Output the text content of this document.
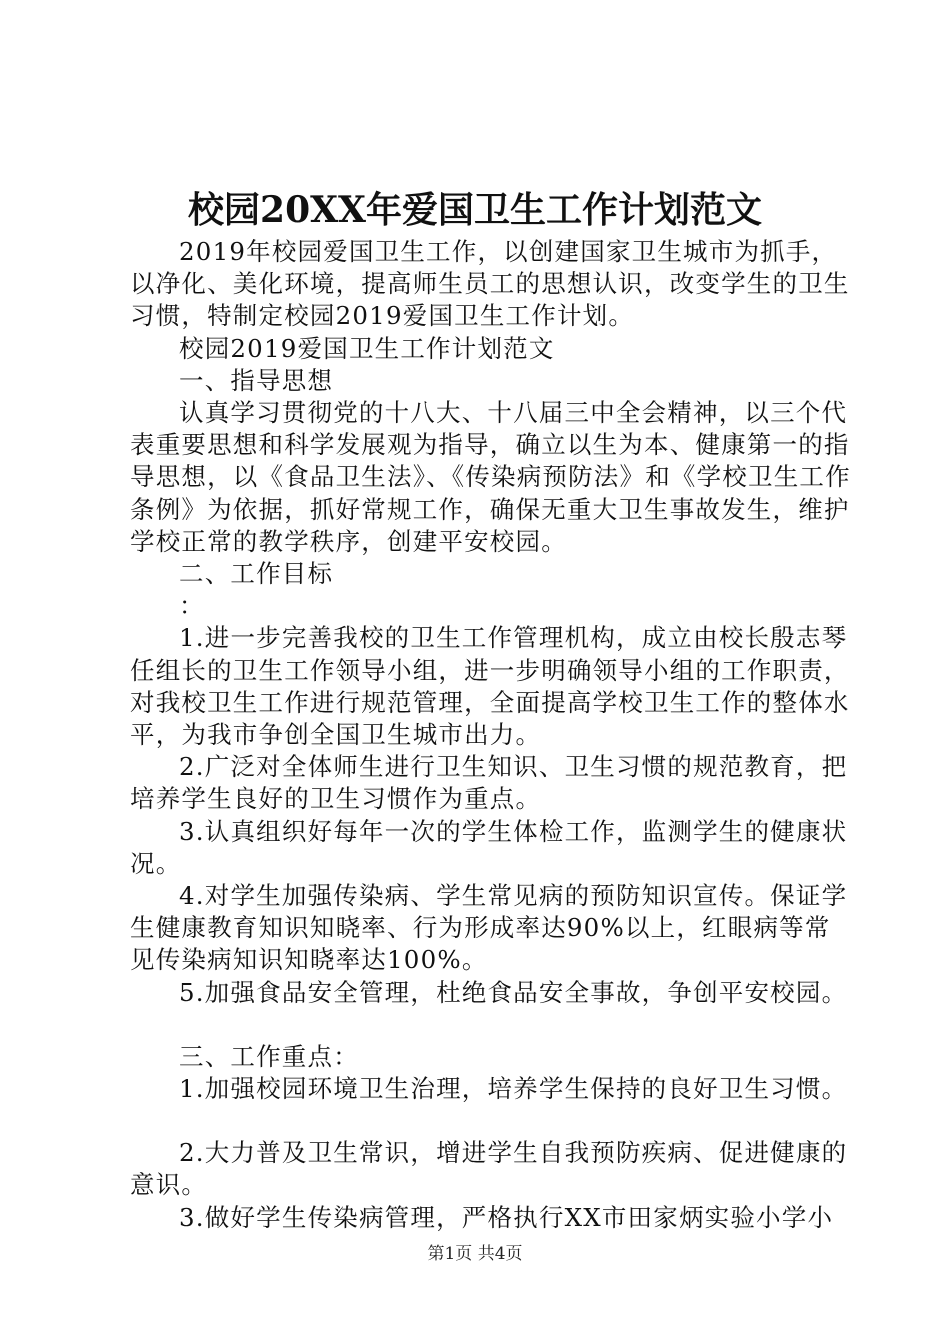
校园20XX年爱国卫生工作计划范文

2019年校园爱国卫生工作，以创建国家卫生城市为抓手，以净化、美化环境，提高师生员工的思想认识，改变学生的卫生习惯，特制定校园2019爱国卫生工作计划。

校园2019爱国卫生工作计划范文

一、指导思想

认真学习贯彻党的十八大、十八届三中全会精神，以三个代表重要思想和科学发展观为指导，确立以生为本、健康第一的指导思想，以《食品卫生法》、《传染病预防法》和《学校卫生工作条例》为依据，抓好常规工作，确保无重大卫生事故发生，维护学校正常的教学秩序，创建平安校园。

二、工作目标

：

1.进一步完善我校的卫生工作管理机构，成立由校长殷志琴任组长的卫生工作领导小组，进一步明确领导小组的工作职责，对我校卫生工作进行规范管理，全面提高学校卫生工作的整体水平，为我市争创全国卫生城市出力。

2.广泛对全体师生进行卫生知识、卫生习惯的规范教育，把培养学生良好的卫生习惯作为重点。

3.认真组织好每年一次的学生体检工作，监测学生的健康状况。

4.对学生加强传染病、学生常见病的预防知识宣传。保证学生健康教育知识知晓率、行为形成率达90%以上，红眼病等常见传染病知识知晓率达100%。

5.加强食品安全管理，杜绝食品安全事故，争创平安校园。

三、工作重点：

1.加强校园环境卫生治理，培养学生保持的良好卫生习惯。

2.大力普及卫生常识，增进学生自我预防疾病、促进健康的意识。

3.做好学生传染病管理，严格执行XX市田家炳实验小学小

第1页 共4页
